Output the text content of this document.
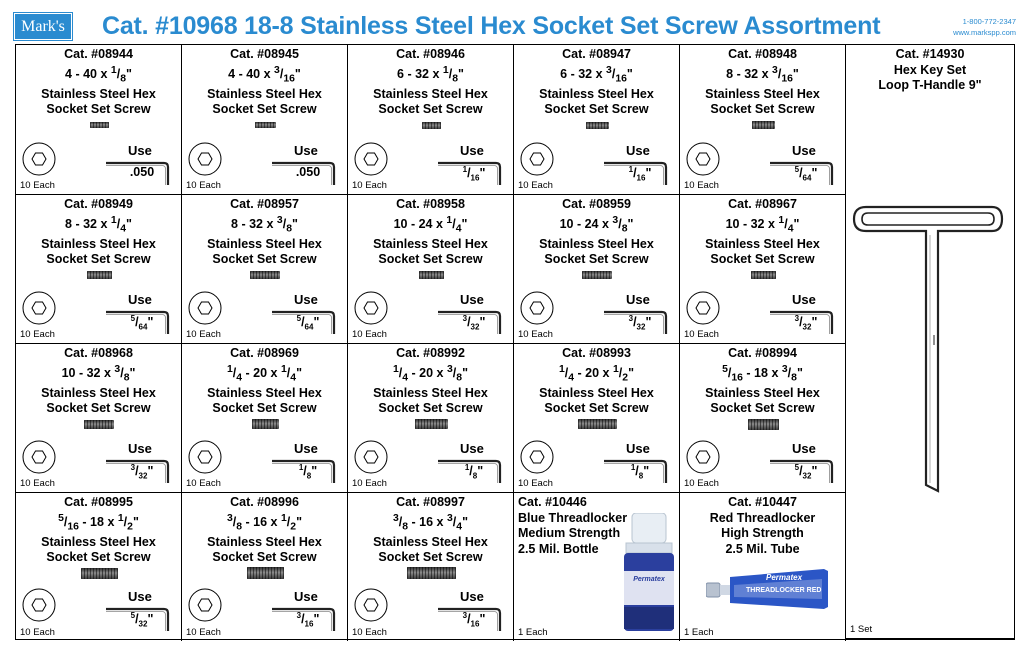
Mark's Cat. #10968 18-8 Stainless Steel Hex Socket Set Screw Assortment	1-800-772-2347
www.markspp.com
Cat. #08944
4 - 40 x $^1/_8$"
Stainless Steel Hex
Socket Set Screw
Use
.050
10 Each
Cat. #08945
4 - 40 x $^3/_{16}$"
Stainless Steel Hex
Socket Set Screw
Use
.050
10 Each
Cat. #08946
6 - 32 x $^1/_8$"
Stainless Steel Hex
Socket Set Screw
Use
$^1/_{16}$"
10 Each
Cat. #08947
6 - 32 x $^3/_{16}$"
Stainless Steel Hex
Socket Set Screw
Use
$^1/_{16}$"
10 Each
Cat. #08948
8 - 32 x $^3/_{16}$"
Stainless Steel Hex
Socket Set Screw
Use
$^5/_{64}$"
10 Each
Cat. #08949
8 - 32 x $^1/_4$"
Stainless Steel Hex
Socket Set Screw
Use
$^5/_{64}$"
10 Each
Cat. #08957
8 - 32 x $^3/_8$"
Stainless Steel Hex
Socket Set Screw
Use
$^5/_{64}$"
10 Each
Cat. #08958
10 - 24 x $^1/_4$"
Stainless Steel Hex
Socket Set Screw
Use
$^3/_{32}$"
10 Each
Cat. #08959
10 - 24 x $^3/_8$"
Stainless Steel Hex
Socket Set Screw
Use
$^3/_{32}$"
10 Each
Cat. #08967
10 - 32 x $^1/_4$"
Stainless Steel Hex
Socket Set Screw
Use
$^3/_{32}$"
10 Each
Cat. #08968
10 - 32 x $^3/_8$"
Stainless Steel Hex
Socket Set Screw
Use
$^3/_{32}$"
10 Each
Cat. #08969
$^1/_4 - 20$ x $^1/_4$"
Stainless Steel Hex
Socket Set Screw
Use
$^1/_8$"
10 Each
Cat. #08992
$^1/_4 - 20$ x $^3/_8$"
Stainless Steel Hex
Socket Set Screw
Use
$^1/_8$"
10 Each
Cat. #08993
$^1/_4 - 20$ x $^1/_2$"
Stainless Steel Hex
Socket Set Screw
Use
$^1/_8$"
10 Each
Cat. #08994
$^5/_{16} - 18$ x $^3/_8$"
Stainless Steel Hex
Socket Set Screw
Use
$^5/_{32}$"
10 Each
Cat. #08995
$^5/_{16} - 18$ x $^1/_2$"
Stainless Steel Hex
Socket Set Screw
Use
$^5/_{32}$"
10 Each
Cat. #08996
$^3/_8 - 16$ x $^1/_2$"
Stainless Steel Hex
Socket Set Screw
Use
$^3/_{16}$"
10 Each
Cat. #08997
$^3/_8 - 16$ x $^3/_4$"
Stainless Steel Hex
Socket Set Screw
Use
$^3/_{16}$"
10 Each
Cat. #10446
Blue Threadlocker
Medium Strength
2.5 Mil. Bottle
Permatex
1 Each
Cat. #10447
Red Threadlocker
High Strength
2.5 Mil. Tube
Permatex
THREADLOCKER RED
1 Each
Cat. #14930
Hex Key Set
Loop T-Handle 9"
1 Set
